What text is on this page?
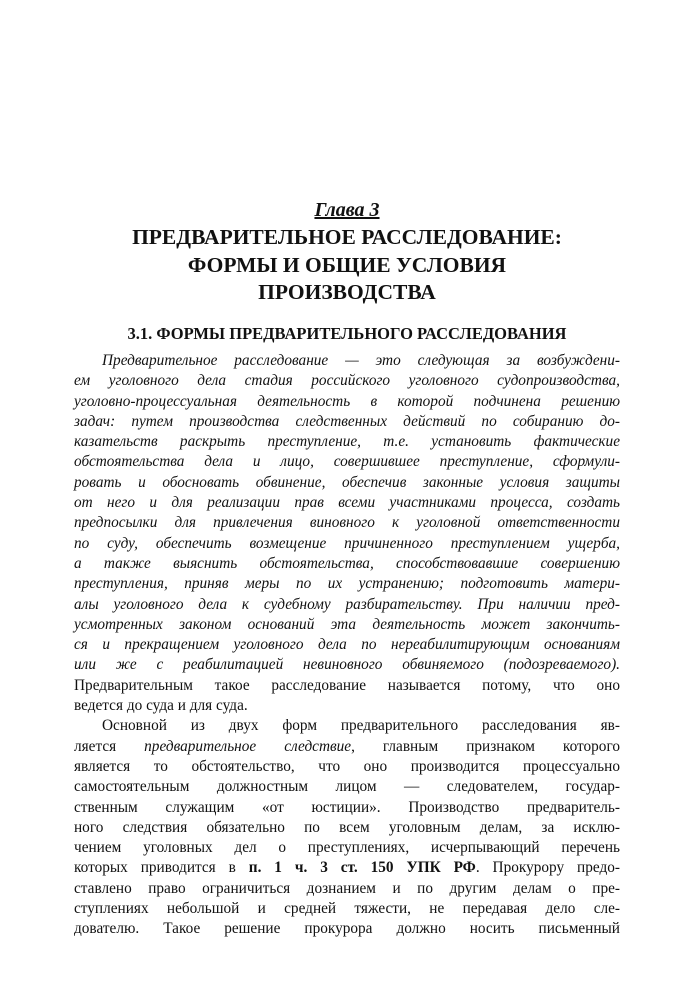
Глава 3
ПРЕДВАРИТЕЛЬНОЕ РАССЛЕДОВАНИЕ:
ФОРМЫ И ОБЩИЕ УСЛОВИЯ
ПРОИЗВОДСТВА
3.1. ФОРМЫ ПРЕДВАРИТЕЛЬНОГО РАССЛЕДОВАНИЯ
Предварительное расследование — это следующая за возбуждени-
ем уголовного дела стадия российского уголовного судопроизводства,
уголовно-процессуальная деятельность в которой подчинена решению
задач: путем производства следственных действий по собиранию до-
казательств раскрыть преступление, т.е. установить фактические
обстоятельства дела и лицо, совершившее преступление, сформули-
ровать и обосновать обвинение, обеспечив законные условия защиты
от него и для реализации прав всеми участниками процесса, создать
предпосылки для привлечения виновного к уголовной ответственности
по суду, обеспечить возмещение причиненного преступлением ущерба,
а также выяснить обстоятельства, способствовавшие совершению
преступления, приняв меры по их устранению; подготовить матери-
алы уголовного дела к судебному разбирательству. При наличии пред-
усмотренных законом оснований эта деятельность может закончить-
ся и прекращением уголовного дела по нереабилитирующим основаниям
или же с реабилитацией невиновного обвиняемого (подозреваемого).
Предварительным такое расследование называется потому, что оно
ведется до суда и для суда.
Основной из двух форм предварительного расследования яв-
ляется предварительное следствие, главным признаком которого
является то обстоятельство, что оно производится процессуально
самостоятельным должностным лицом — следователем, государ-
ственным служащим «от юстиции». Производство предваритель-
ного следствия обязательно по всем уголовным делам, за исклю-
чением уголовных дел о преступлениях, исчерпывающий перечень
которых приводится в п. 1 ч. 3 ст. 150 УПК РФ. Прокурору предо-
ставлено право ограничиться дознанием и по другим делам о пре-
ступлениях небольшой и средней тяжести, не передавая дело сле-
дователю. Такое решение прокурора должно носить письменный
